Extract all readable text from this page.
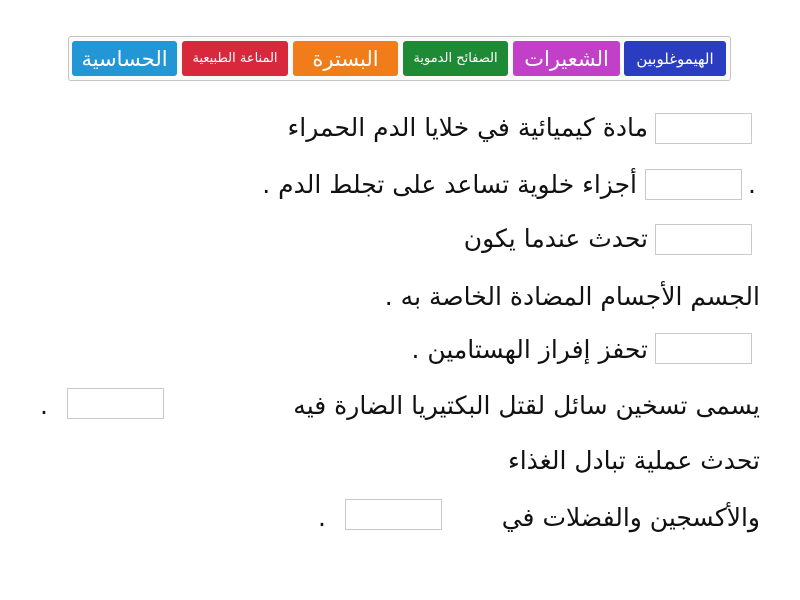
الهيموغلوبين
الشعيرات
الصفائح الدموية
البسترة
المناعة الطبيعية
الحساسية
مادة كيميائية في خلايا الدم الحمراء
.
أجزاء خلوية تساعد على تجلط الدم .
تحدث عندما يكون
الجسم الأجسام المضادة الخاصة به .
تحفز إفراز الهستامين .
يسمى تسخين سائل لقتل البكتيريا الضارة فيه
.
تحدث عملية تبادل الغذاء
والأكسجين والفضلات في
.
